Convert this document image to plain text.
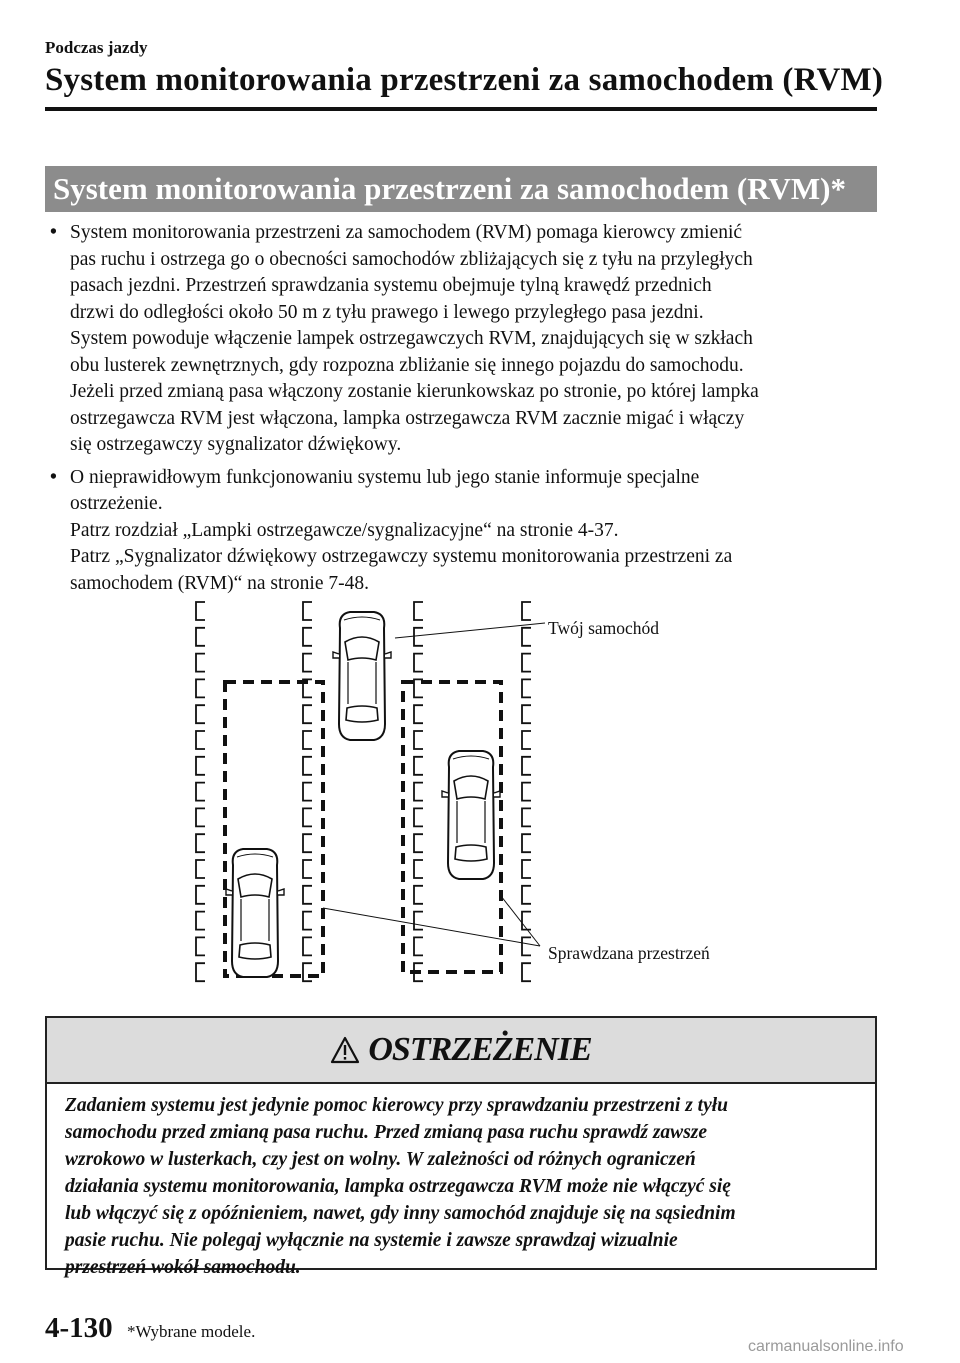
Podczas jazdy
System monitorowania przestrzeni za samochodem (RVM)
System monitorowania przestrzeni za samochodem (RVM)*
• System monitorowania przestrzeni za samochodem (RVM) pomaga kierowcy zmienić

pas ruchu i ostrzega go o obecności samochodów zbliżających się z tyłu na przyległych

pasach jezdni. Przestrzeń sprawdzania systemu obejmuje tylną krawędź przednich

drzwi do odległości około 50 m z tyłu prawego i lewego przyległego pasa jezdni.

System powoduje włączenie lampek ostrzegawczych RVM, znajdujących się w szkłach

obu lusterek zewnętrznych, gdy rozpozna zbliżanie się innego pojazdu do samochodu.

Jeżeli przed zmianą pasa włączony zostanie kierunkowskaz po stronie, po której lampka

ostrzegawcza RVM jest włączona, lampka ostrzegawcza RVM zacznie migać i włączy

się ostrzegawczy sygnalizator dźwiękowy.

• O nieprawidłowym funkcjonowaniu systemu lub jego stanie informuje specjalne

ostrzeżenie.

Patrz rozdział „Lampki ostrzegawcze/sygnalizacyjne“ na stronie 4-37.

Patrz „Sygnalizator dźwiękowy ostrzegawczy systemu monitorowania przestrzeni za

samochodem (RVM)“ na stronie 7-48.

Twój samochód
Sprawdzana przestrzeń
OSTRZEŻENIE
Zadaniem systemu jest jedynie pomoc kierowcy przy sprawdzaniu przestrzeni z tyłu
samochodu przed zmianą pasa ruchu. Przed zmianą pasa ruchu sprawdź zawsze
wzrokowo w lusterkach, czy jest on wolny. W zależności od różnych ograniczeń
działania systemu monitorowania, lampka ostrzegawcza RVM może nie włączyć się
lub włączyć się z opóźnieniem, nawet, gdy inny samochód znajduje się na sąsiednim
pasie ruchu. Nie polegaj wyłącznie na systemie i zawsze sprawdzaj wizualnie
przestrzeń wokół samochodu.
4-130 *Wybrane modele.
carmanualsonline.info
